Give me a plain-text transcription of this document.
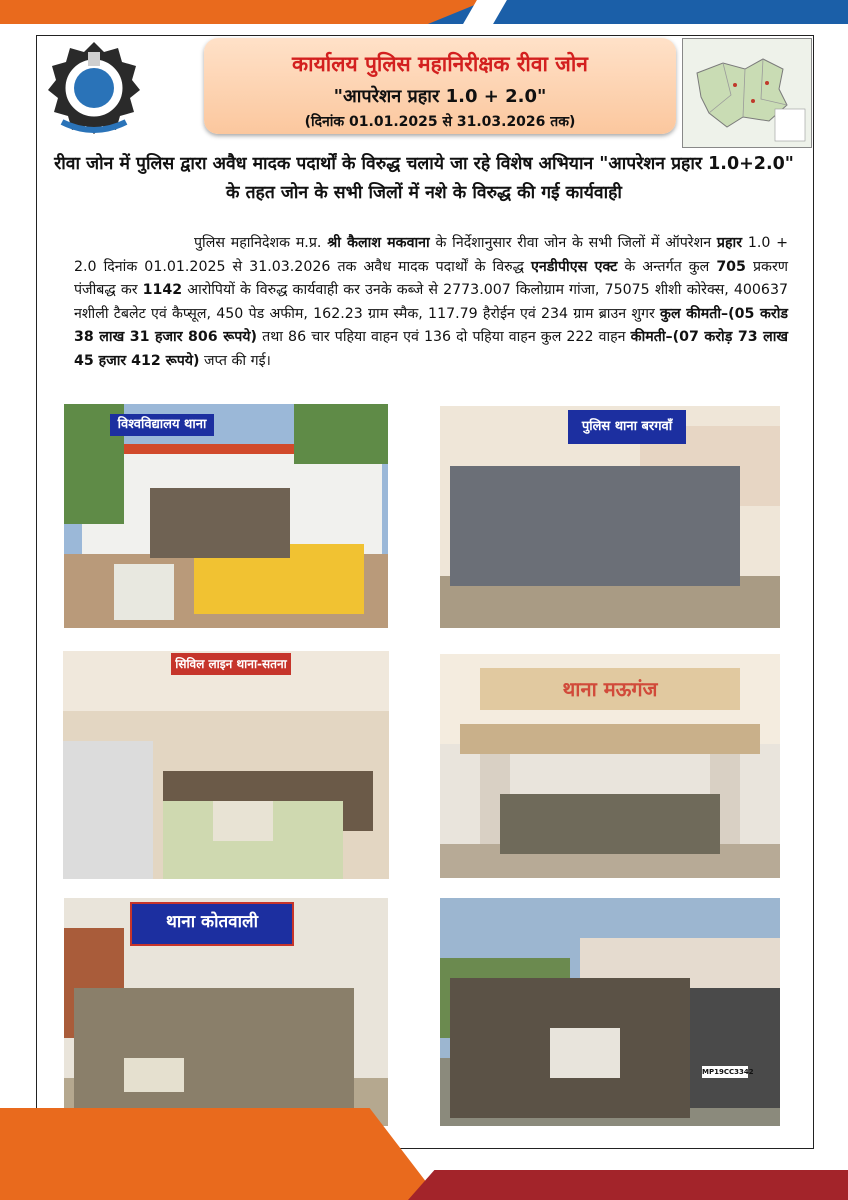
कार्यालय पुलिस महानिरीक्षक रीवा जोन
"आपरेशन प्रहार 1.0 + 2.0"
(दिनांक 01.01.2025 से 31.03.2026 तक)
रीवा जोन में पुलिस द्वारा अवैध मादक पदार्थों के विरुद्ध चलाये जा रहे विशेष अभियान "आपरेशन प्रहार 1.0+2.0" के तहत जोन के सभी जिलों में नशे के विरुद्ध की गई कार्यवाही
पुलिस महानिदेशक म.प्र. श्री कैलाश मकवाना के निर्देशानुसार रीवा जोन के सभी जिलों में ऑपरेशन प्रहार 1.0 + 2.0 दिनांक 01.01.2025 से 31.03.2026 तक अवैध मादक पदार्थों के विरुद्ध एनडीपीएस एक्ट के अन्तर्गत कुल 705 प्रकरण पंजीबद्ध कर 1142 आरोपियों के विरुद्ध कार्यवाही कर उनके कब्जे से 2773.007 किलोग्राम गांजा, 75075 शीशी कोरेक्स, 400637 नशीली टैबलेट एवं कैप्सूल, 450 पेड अफीम, 162.23 ग्राम स्मैक, 117.79 हैरोईन एवं 234 ग्राम ब्राउन शुगर कुल कीमती–(05 करोड 38 लाख 31 हजार 806 रूपये) तथा 86 चार पहिया वाहन एवं 136 दो पहिया वाहन कुल 222 वाहन कीमती–(07 करोड़ 73 लाख 45 हजार 412 रूपये) जप्त की गई।
विश्वविद्यालय थाना	पुलिस थाना बरगवाँ
सिविल लाइन थाना-सतना
थाना मऊगंज
थाना कोतवाली
MP19CC3342
